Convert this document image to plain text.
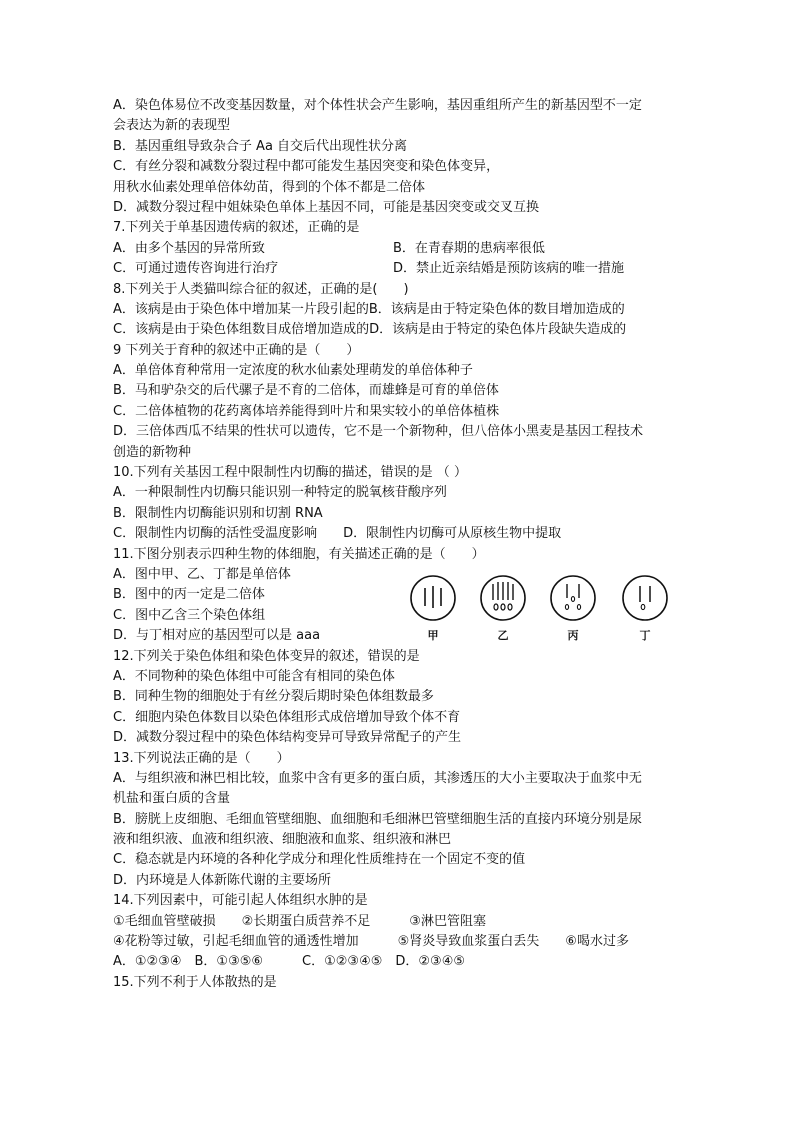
A．染色体易位不改变基因数量，对个体性状会产生影响，基因重组所产生的新基因型不一定
会表达为新的表现型
B．基因重组导致杂合子 Aa 自交后代出现性状分离
C．有丝分裂和减数分裂过程中都可能发生基因突变和染色体变异，
用秋水仙素处理单倍体幼苗，得到的个体不都是二倍体
D．减数分裂过程中姐妹染色单体上基因不同，可能是基因突变或交叉互换
7.下列关于单基因遗传病的叙述，正确的是
A．由多个基因的异常所致	B．在青春期的患病率很低
C．可通过遗传咨询进行治疗	D．禁止近亲结婚是预防该病的唯一措施
8.下列关于人类猫叫综合征的叙述，正确的是(　　)
A．该病是由于染色体中增加某一片段引起的B．该病是由于特定染色体的数目增加造成的
C．该病是由于染色体组数目成倍增加造成的D．该病是由于特定的染色体片段缺失造成的
9 下列关于育种的叙述中正确的是（　　）
A．单倍体育种常用一定浓度的秋水仙素处理萌发的单倍体种子
B．马和驴杂交的后代骡子是不育的二倍体，而雄蜂是可育的单倍体
C．二倍体植物的花药离体培养能得到叶片和果实较小的单倍体植株
D．三倍体西瓜不结果的性状可以遗传，它不是一个新物种，但八倍体小黑麦是基因工程技术
创造的新物种
10.下列有关基因工程中限制性内切酶的描述，错误的是 （ ）
A．一种限制性内切酶只能识别一种特定的脱氧核苷酸序列
B．限制性内切酶能识别和切割 RNA
C．限制性内切酶的活性受温度影响　　D．限制性内切酶可从原核生物中提取
11.下图分别表示四种生物的体细胞，有关描述正确的是（　　）
A．图中甲、乙、丁都是单倍体
B．图中的丙一定是二倍体
C．图中乙含三个染色体组
D．与丁相对应的基因型可以是 aaa
12.下列关于染色体组和染色体变异的叙述，错误的是
A．不同物种的染色体组中可能含有相同的染色体
B．同种生物的细胞处于有丝分裂后期时染色体组数最多
C．细胞内染色体数目以染色体组形式成倍增加导致个体不育
D．减数分裂过程中的染色体结构变异可导致异常配子的产生
13.下列说法正确的是（　　）
A．与组织液和淋巴相比较，血浆中含有更多的蛋白质，其渗透压的大小主要取决于血浆中无
机盐和蛋白质的含量
B．膀胱上皮细胞、毛细血管壁细胞、血细胞和毛细淋巴管壁细胞生活的直接内环境分别是尿
液和组织液、血液和组织液、细胞液和血浆、组织液和淋巴
C．稳态就是内环境的各种化学成分和理化性质维持在一个固定不变的值
D．内环境是人体新陈代谢的主要场所
14.下列因素中，可能引起人体组织水肿的是
①毛细血管壁破损　　②长期蛋白质营养不足　　　③淋巴管阻塞
④花粉等过敏，引起毛细血管的通透性增加　　　⑤肾炎导致血浆蛋白丢失　　⑥喝水过多
A．①②③④　B．①③⑤⑥　　　C．①②③④⑤　D．②③④⑤
15.下列不利于人体散热的是
甲	乙	丙	丁
